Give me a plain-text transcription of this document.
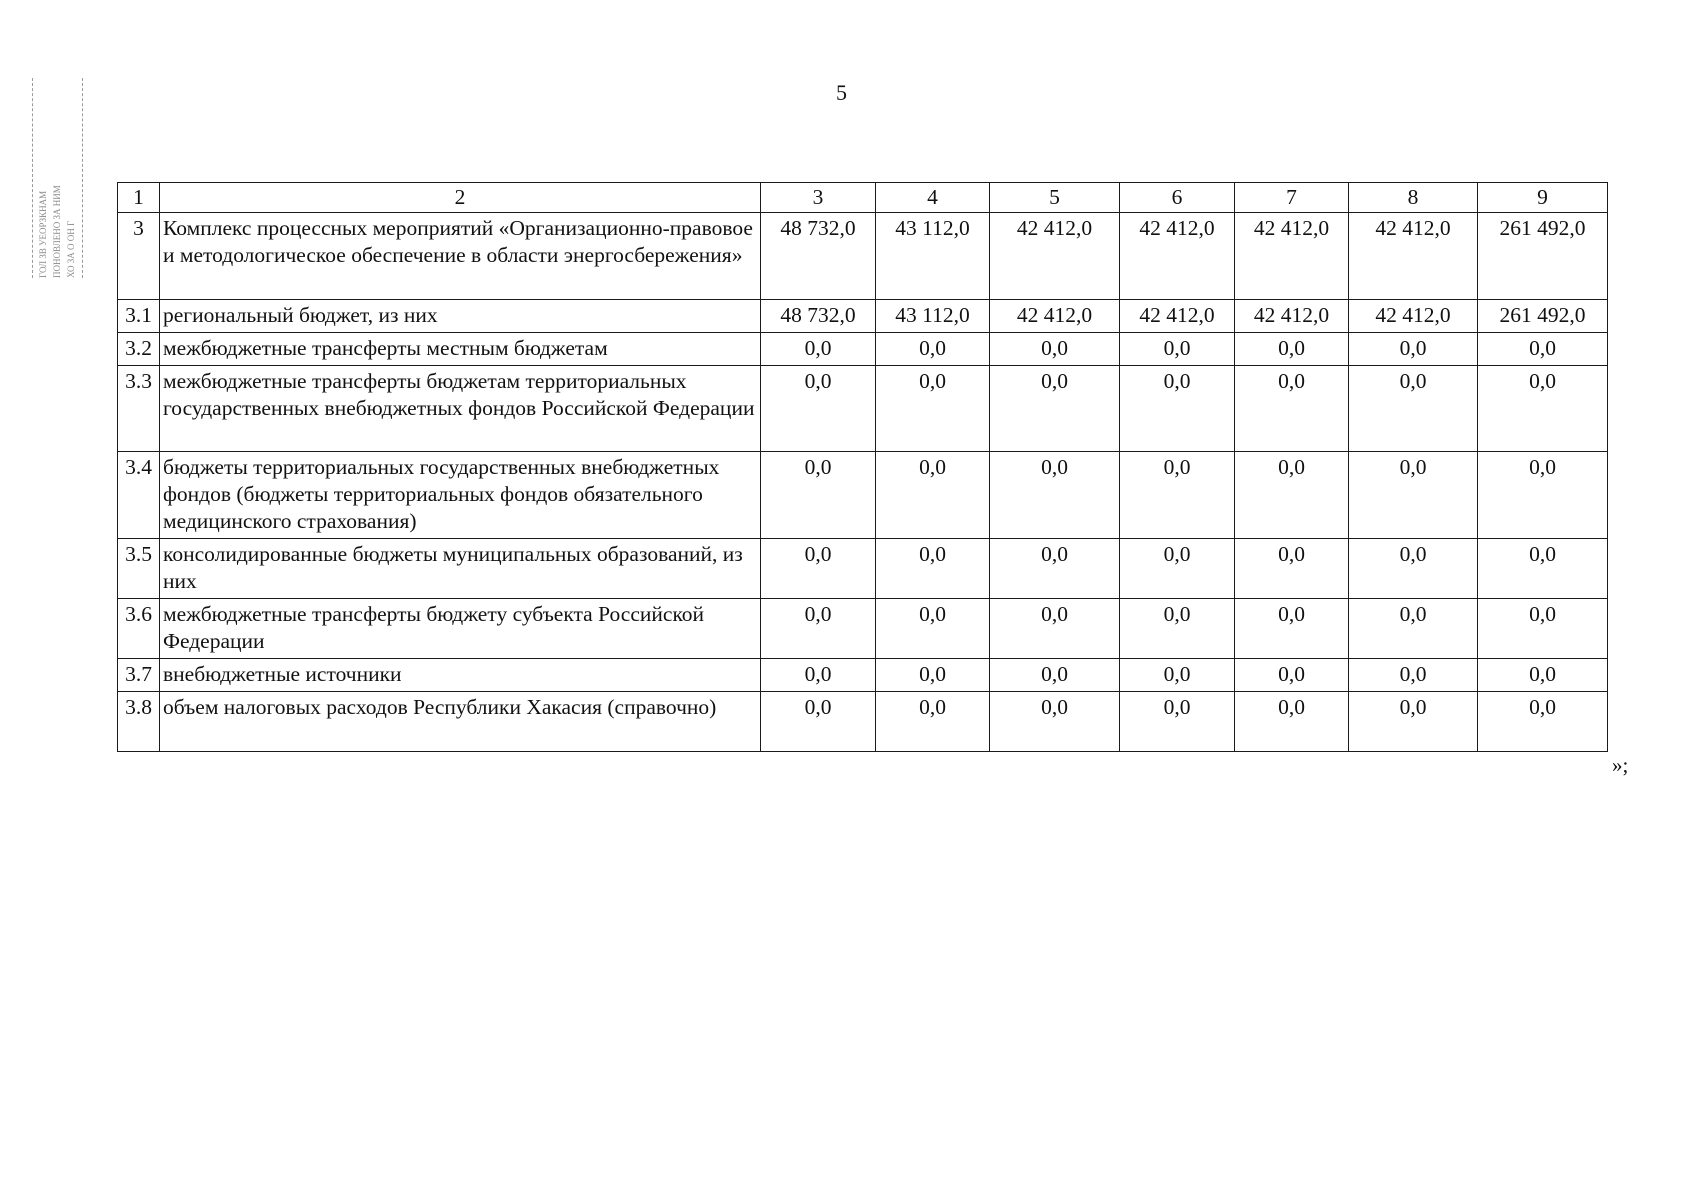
ГОЛ ЗВ УЕОРЗКНАМ ПОНОВЛЕНО ЗА НИМ ХО ЗА О ОН Г
5
1	2	3	4	5	6	7	8	9
3	Комплекс процессных мероприятий «Организационно-правовое и методологическое обеспечение в области энергосбережения»	48 732,0	43 112,0	42 412,0	42 412,0	42 412,0	42 412,0	261 492,0
3.1	региональный бюджет, из них	48 732,0	43 112,0	42 412,0	42 412,0	42 412,0	42 412,0	261 492,0
3.2	межбюджетные трансферты местным бюджетам	0,0	0,0	0,0	0,0	0,0	0,0	0,0
3.3	межбюджетные трансферты бюджетам территориальных государственных внебюджетных фондов Российской Федерации	0,0	0,0	0,0	0,0	0,0	0,0	0,0
3.4	бюджеты территориальных государственных внебюджетных фондов (бюджеты территориальных фондов обязательного медицинского страхования)	0,0	0,0	0,0	0,0	0,0	0,0	0,0
3.5	консолидированные бюджеты муниципальных образований, из них	0,0	0,0	0,0	0,0	0,0	0,0	0,0
3.6	межбюджетные трансферты бюджету субъекта Российской Федерации	0,0	0,0	0,0	0,0	0,0	0,0	0,0
3.7	внебюджетные источники	0,0	0,0	0,0	0,0	0,0	0,0	0,0
3.8	объем налоговых расходов Республики Хакасия (справочно)	0,0	0,0	0,0	0,0	0,0	0,0	0,0
»;
